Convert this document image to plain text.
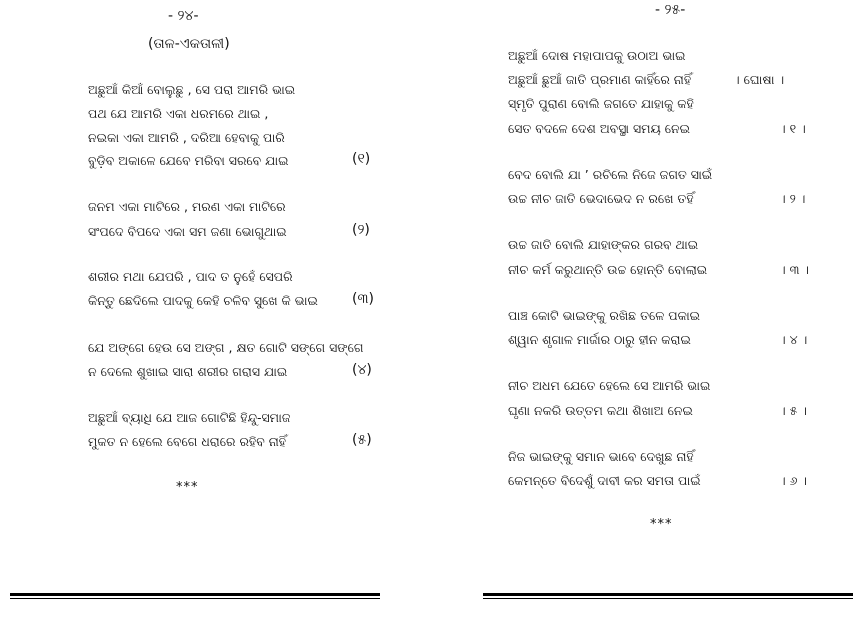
- ୨୪-
(ତାଳ-ଏକତାଳୀ)
ଅଛୁଆଁ କିଆଁ ବୋଲୁଛୁ , ସେ ପରା ଆମରି ଭାଇ
ପଥ ଯେ ଆମରି ଏକା ଧରମରେ ଥାଇ ,
ନଇକା ଏକା ଆମରି , ଦରିଆ ହେବାକୁ ପାରି
ବୁଡ଼ିବ ଅକାଳେ ଯେବେ ମରିବା ସରବେ ଯାଇ	(୧)
ଜନମ ଏକା ମାଟିରେ , ମରଣ ଏକା ମାଟିରେ
ସଂପଦେ ବିପଦେ ଏକା ସମ ଜଣା ଭୋଗୁଥାଇ	(୨)
ଶରୀର ମଥା ଯେପରି , ପାଦ ତ ନୁହେଁ ସେପରି
କିନ୍ତୁ ଛେଦିଲେ ପାଦକୁ କେହି ଚଳିବ ସୁଖେ କି ଭାଇ (୩)
ଯେ ଅଙ୍ଗେ ହେଉ ସେ ଅଙ୍ଗ , କ୍ଷତ ଗୋଟି ସଙ୍ଗେ ସଙ୍ଗେ
ନ ଦେଲେ ଶୁଖାଇ ସାରା ଶରୀର ଗରାସ ଯାଇ	(୪)
ଅଛୁଆଁ ବ୍ୟାଧି ଯେ ଆଜ ଗୋଟିଛି ହିନ୍ଦୁ-ସମାଜ
ମୁକତ ନ ହେଲେ ବେଗେ ଧରାରେ ରହିବ ନାହିଁ	(୫)
***
- ୨୫-
ଅଛୁଆଁ ଦୋଷ ମହାପାପକୁ ଉଠାଅ ଭାଇ
ଅଛୁଆଁ ଛୁଆଁ ଜାତି ପ୍ରମାଣ କାହିଁରେ ନାହିଁ	। ଘୋଷା ।
ସ୍ମୃତି ପୁରାଣ ବୋଲି ଜଗତେ ଯାହାକୁ କହି
ସେତ ବଦଳେ ଦେଶ ଅବସ୍ଥା ସମୟ ନେଇ	। ୧ ।
ବେଦ ବୋଲି ଯା ’ ରଚିଲେ ନିଜେ ଜଗତ ସାଇଁ
ଉଚ୍ଚ ନୀଚ ଜାତି ଭେଦାଭେଦ ନ ରଖେ ତହିଁ	। ୨ ।
ଉଚ୍ଚ ଜାତି ବୋଲି ଯାହାଙ୍କର ଗରବ ଥାଇ
ନୀଚ କର୍ମ କରୁଥାନ୍ତି ଉଚ୍ଚ ହୋନ୍ତି ବୋଲାଇ	। ୩ ।
ପାଞ୍ଚ କୋଟି ଭାଇଙ୍କୁ ରଖିଛ ତଳେ ପକାଇ
ଶ୍ୱାନ ଶୃଗାଳ ମାର୍ଜାର ଠାରୁ ହୀନ କରାଇ	। ୪ ।
ନୀଚ ଅଧମ ଯେତେ ହେଲେ ସେ ଆମରି ଭାଇ
ଘୃଣା ନକରି ଉତ୍ତମ କଥା ଶିଖାଅ ନେଇ	। ୫ ।
ନିଜ ଭାଇଙ୍କୁ ସମାନ ଭାବେ ଦେଖୁଛ ନାହିଁ
କେମନ୍ତେ ବିଦେଶୁଁ ଦାବୀ କର ସମତା ପାଇଁ	। ୬ ।
***
